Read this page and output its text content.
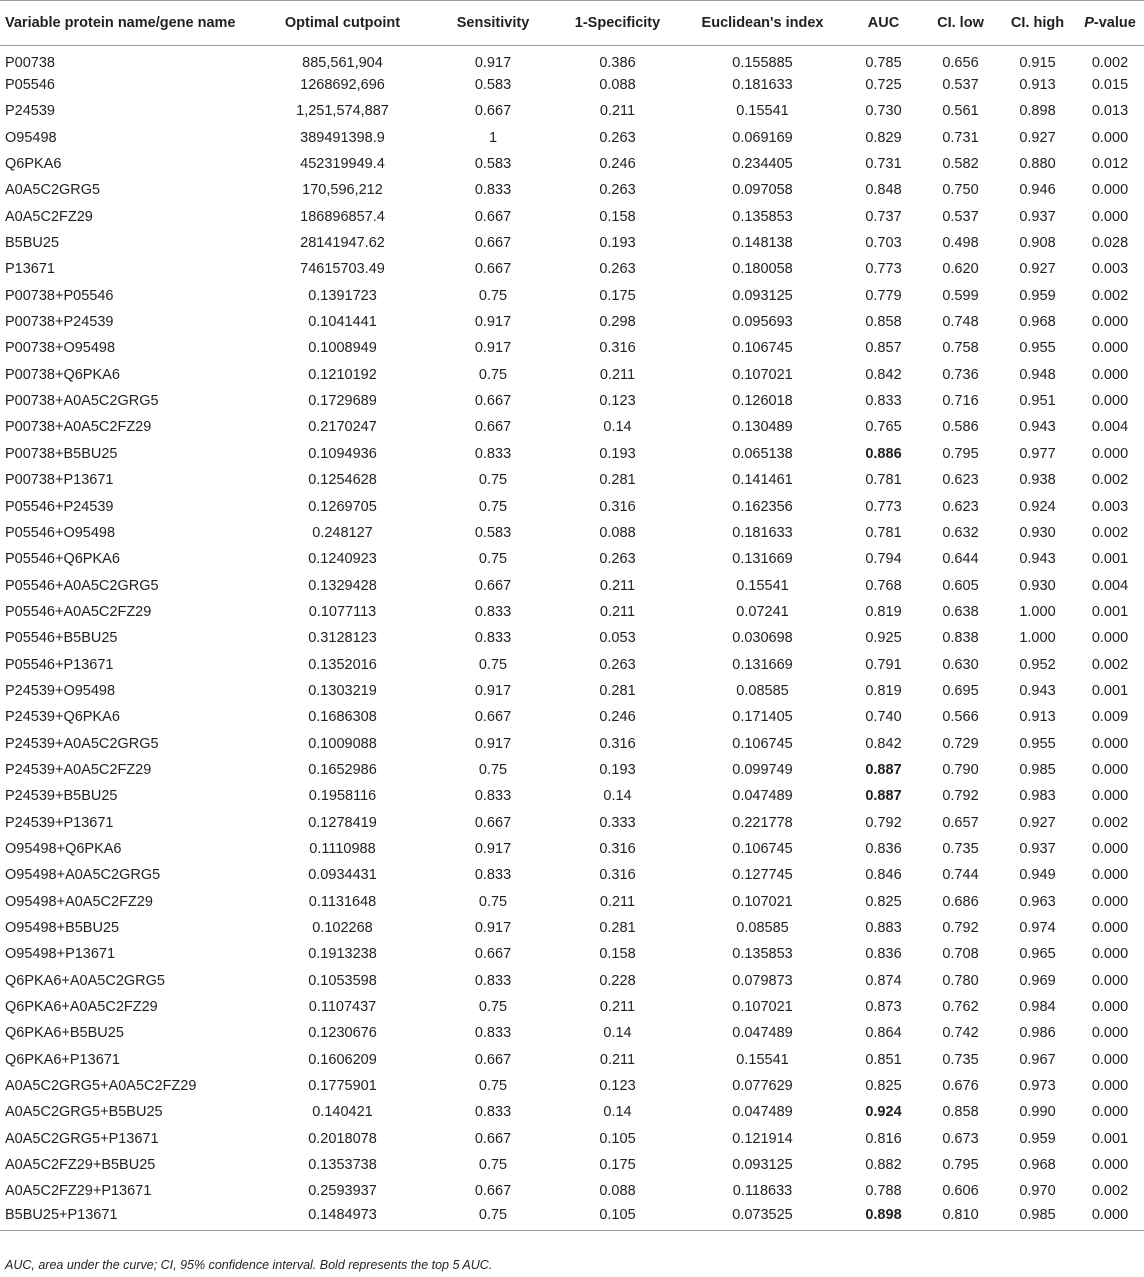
Variable protein name/gene name	Optimal cutpoint	Sensitivity	1-Specificity	Euclidean's index	AUC	CI. low	CI. high	P-value
P00738	885,561,904	0.917	0.386	0.155885	0.785	0.656	0.915	0.002
P05546	1268692,696	0.583	0.088	0.181633	0.725	0.537	0.913	0.015
P24539	1,251,574,887	0.667	0.211	0.15541	0.730	0.561	0.898	0.013
O95498	389491398.9	1	0.263	0.069169	0.829	0.731	0.927	0.000
Q6PKA6	452319949.4	0.583	0.246	0.234405	0.731	0.582	0.880	0.012
A0A5C2GRG5	170,596,212	0.833	0.263	0.097058	0.848	0.750	0.946	0.000
A0A5C2FZ29	186896857.4	0.667	0.158	0.135853	0.737	0.537	0.937	0.000
B5BU25	28141947.62	0.667	0.193	0.148138	0.703	0.498	0.908	0.028
P13671	74615703.49	0.667	0.263	0.180058	0.773	0.620	0.927	0.003
P00738+P05546	0.1391723	0.75	0.175	0.093125	0.779	0.599	0.959	0.002
P00738+P24539	0.1041441	0.917	0.298	0.095693	0.858	0.748	0.968	0.000
P00738+O95498	0.1008949	0.917	0.316	0.106745	0.857	0.758	0.955	0.000
P00738+Q6PKA6	0.1210192	0.75	0.211	0.107021	0.842	0.736	0.948	0.000
P00738+A0A5C2GRG5	0.1729689	0.667	0.123	0.126018	0.833	0.716	0.951	0.000
P00738+A0A5C2FZ29	0.2170247	0.667	0.14	0.130489	0.765	0.586	0.943	0.004
P00738+B5BU25	0.1094936	0.833	0.193	0.065138	0.886	0.795	0.977	0.000
P00738+P13671	0.1254628	0.75	0.281	0.141461	0.781	0.623	0.938	0.002
P05546+P24539	0.1269705	0.75	0.316	0.162356	0.773	0.623	0.924	0.003
P05546+O95498	0.248127	0.583	0.088	0.181633	0.781	0.632	0.930	0.002
P05546+Q6PKA6	0.1240923	0.75	0.263	0.131669	0.794	0.644	0.943	0.001
P05546+A0A5C2GRG5	0.1329428	0.667	0.211	0.15541	0.768	0.605	0.930	0.004
P05546+A0A5C2FZ29	0.1077113	0.833	0.211	0.07241	0.819	0.638	1.000	0.001
P05546+B5BU25	0.3128123	0.833	0.053	0.030698	0.925	0.838	1.000	0.000
P05546+P13671	0.1352016	0.75	0.263	0.131669	0.791	0.630	0.952	0.002
P24539+O95498	0.1303219	0.917	0.281	0.08585	0.819	0.695	0.943	0.001
P24539+Q6PKA6	0.1686308	0.667	0.246	0.171405	0.740	0.566	0.913	0.009
P24539+A0A5C2GRG5	0.1009088	0.917	0.316	0.106745	0.842	0.729	0.955	0.000
P24539+A0A5C2FZ29	0.1652986	0.75	0.193	0.099749	0.887	0.790	0.985	0.000
P24539+B5BU25	0.1958116	0.833	0.14	0.047489	0.887	0.792	0.983	0.000
P24539+P13671	0.1278419	0.667	0.333	0.221778	0.792	0.657	0.927	0.002
O95498+Q6PKA6	0.1110988	0.917	0.316	0.106745	0.836	0.735	0.937	0.000
O95498+A0A5C2GRG5	0.0934431	0.833	0.316	0.127745	0.846	0.744	0.949	0.000
O95498+A0A5C2FZ29	0.1131648	0.75	0.211	0.107021	0.825	0.686	0.963	0.000
O95498+B5BU25	0.102268	0.917	0.281	0.08585	0.883	0.792	0.974	0.000
O95498+P13671	0.1913238	0.667	0.158	0.135853	0.836	0.708	0.965	0.000
Q6PKA6+A0A5C2GRG5	0.1053598	0.833	0.228	0.079873	0.874	0.780	0.969	0.000
Q6PKA6+A0A5C2FZ29	0.1107437	0.75	0.211	0.107021	0.873	0.762	0.984	0.000
Q6PKA6+B5BU25	0.1230676	0.833	0.14	0.047489	0.864	0.742	0.986	0.000
Q6PKA6+P13671	0.1606209	0.667	0.211	0.15541	0.851	0.735	0.967	0.000
A0A5C2GRG5+A0A5C2FZ29	0.1775901	0.75	0.123	0.077629	0.825	0.676	0.973	0.000
A0A5C2GRG5+B5BU25	0.140421	0.833	0.14	0.047489	0.924	0.858	0.990	0.000
A0A5C2GRG5+P13671	0.2018078	0.667	0.105	0.121914	0.816	0.673	0.959	0.001
A0A5C2FZ29+B5BU25	0.1353738	0.75	0.175	0.093125	0.882	0.795	0.968	0.000
A0A5C2FZ29+P13671	0.2593937	0.667	0.088	0.118633	0.788	0.606	0.970	0.002
B5BU25+P13671	0.1484973	0.75	0.105	0.073525	0.898	0.810	0.985	0.000
AUC, area under the curve; CI, 95% confidence interval. Bold represents the top 5 AUC.
